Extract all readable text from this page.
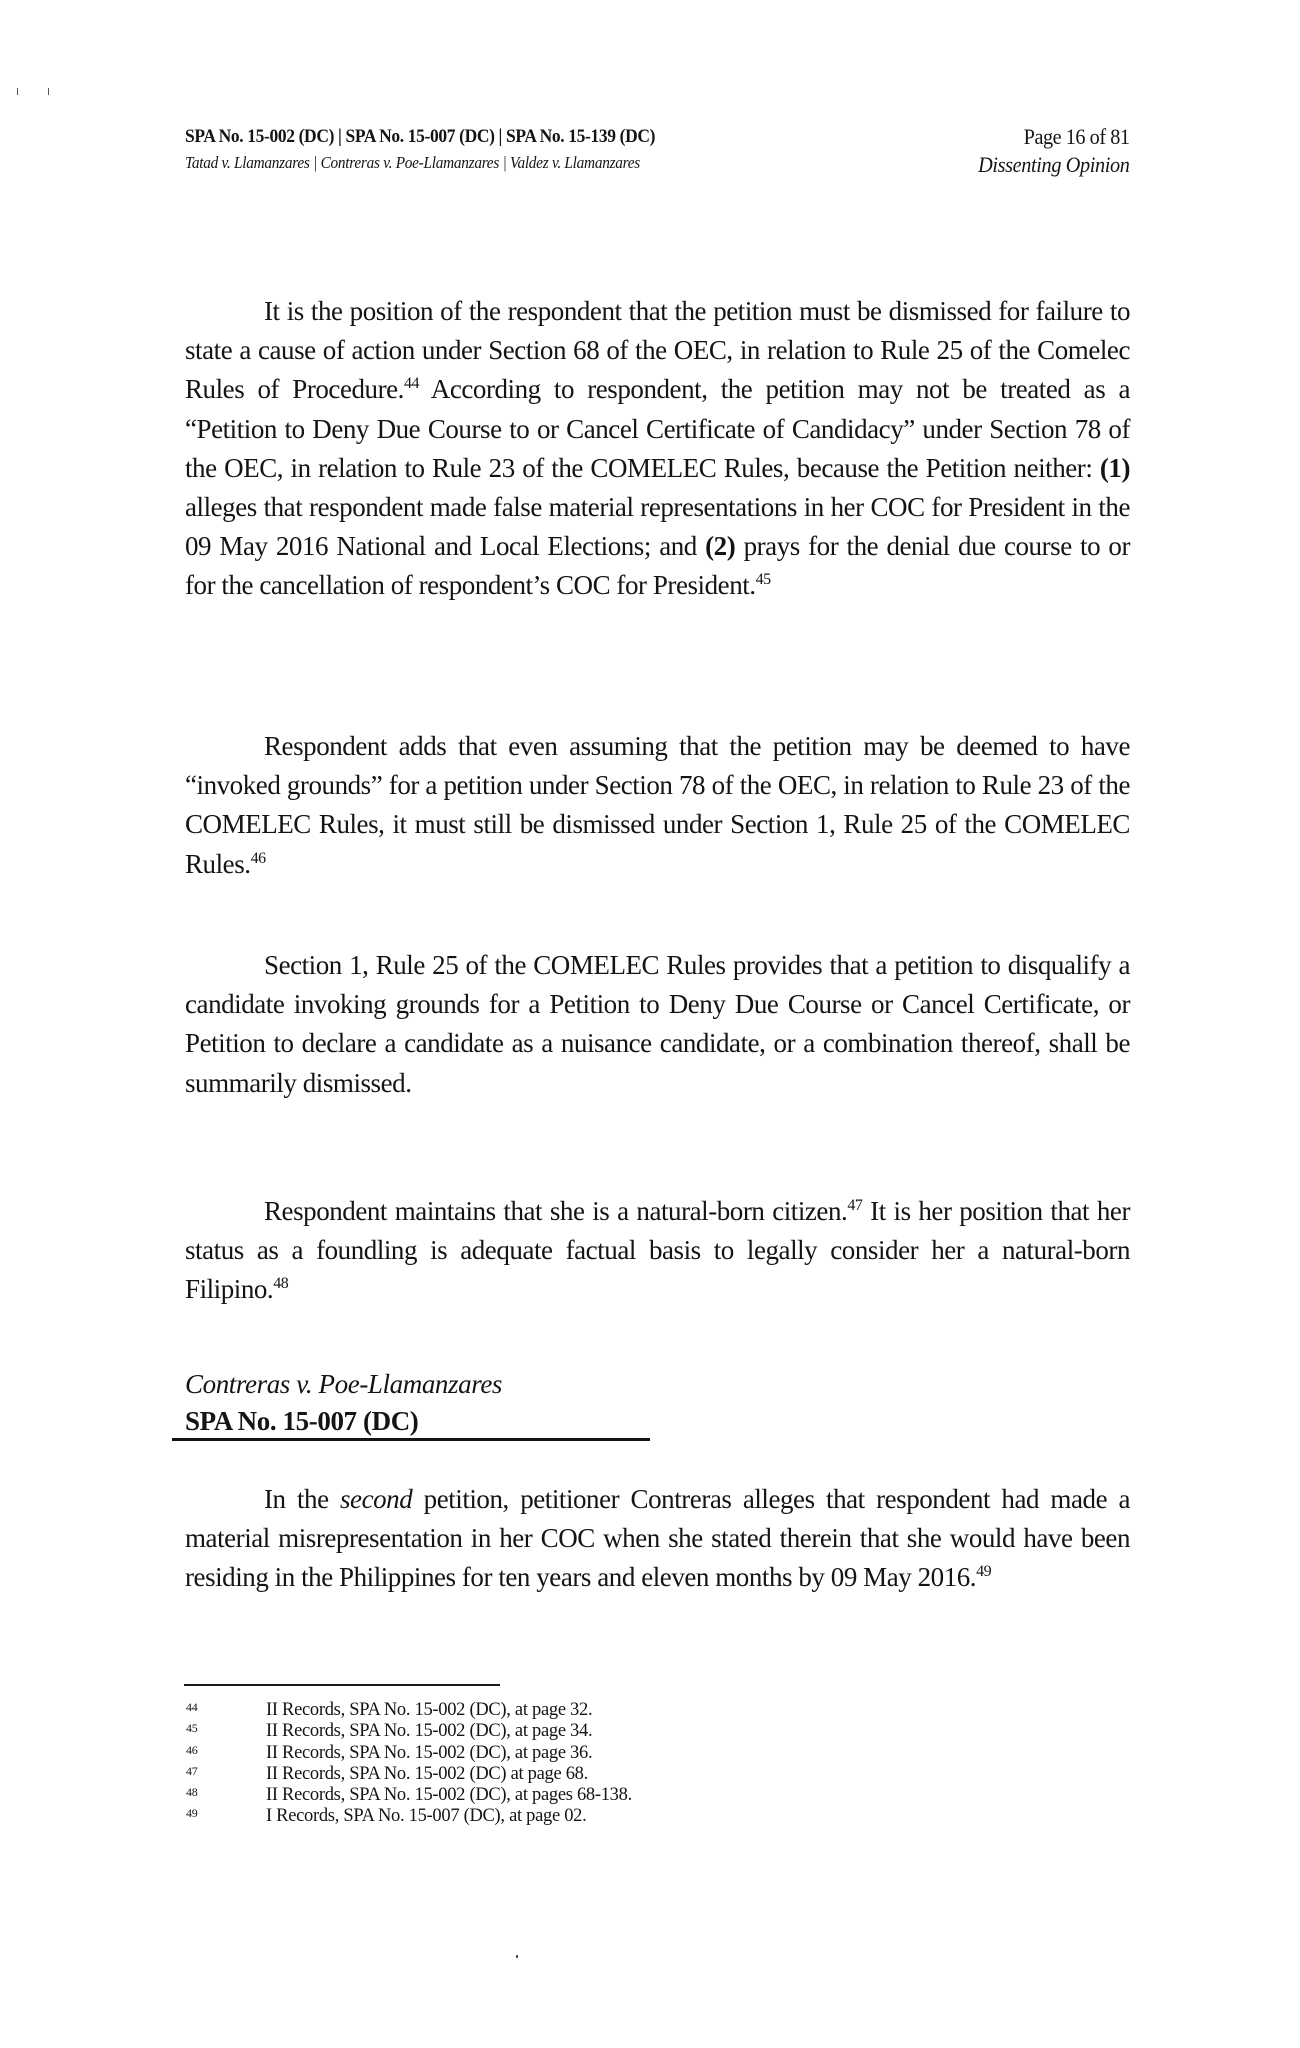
SPA No. 15-002 (DC) | SPA No. 15-007 (DC) | SPA No. 15-139 (DC)
Tatad v. Llamanzares | Contreras v. Poe-Llamanzares | Valdez v. Llamanzares
Page 16 of 81
Dissenting Opinion

It is the position of the respondent that the petition must be dismissed for failure to state a cause of action under Section 68 of the OEC, in relation to Rule 25 of the Comelec Rules of Procedure.$^{44}$ According to respondent, the petition may not be treated as a “Petition to Deny Due Course to or Cancel Certificate of Candidacy” under Section 78 of the OEC, in relation to Rule 23 of the COMELEC Rules, because the Petition neither: (1) alleges that respondent made false material representations in her COC for President in the 09 May 2016 National and Local Elections; and (2) prays for the denial due course to or for the cancellation of respondent’s COC for President.$^{45}$

Respondent adds that even assuming that the petition may be deemed to have “invoked grounds” for a petition under Section 78 of the OEC, in relation to Rule 23 of the COMELEC Rules, it must still be dismissed under Section 1, Rule 25 of the COMELEC Rules.$^{46}$

Section 1, Rule 25 of the COMELEC Rules provides that a petition to disqualify a candidate invoking grounds for a Petition to Deny Due Course or Cancel Certificate, or Petition to declare a candidate as a nuisance candidate, or a combination thereof, shall be summarily dismissed.

Respondent maintains that she is a natural-born citizen.$^{47}$ It is her position that her status as a foundling is adequate factual basis to legally consider her a natural-born Filipino.$^{48}$

Contreras v. Poe-Llamanzares
SPA No. 15-007 (DC)

In the second petition, petitioner Contreras alleges that respondent had made a material misrepresentation in her COC when she stated therein that she would have been residing in the Philippines for ten years and eleven months by 09 May 2016.49

44	II Records, SPA No. 15-002 (DC), at page 32.
45	II Records, SPA No. 15-002 (DC), at page 34.
46	II Records, SPA No. 15-002 (DC), at page 36.
47	II Records, SPA No. 15-002 (DC) at page 68.
48	II Records, SPA No. 15-002 (DC), at pages 68-138.
49	I Records, SPA No. 15-007 (DC), at page 02.
